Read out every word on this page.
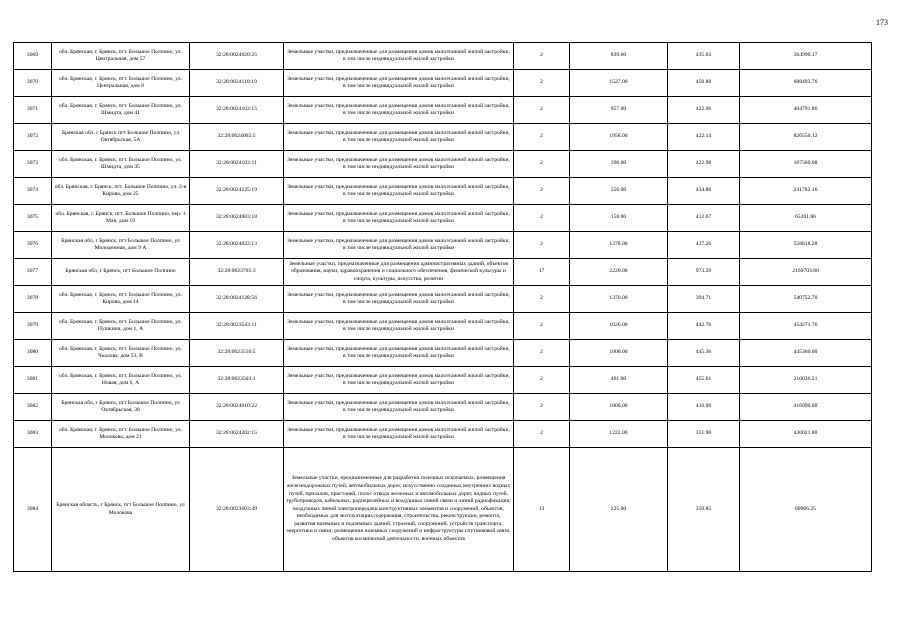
173
3069	обл. Брянская, г. Брянск, пгт. Большое Полпино, ул. Центральная, дом 57	32:28:0024020:25	Земельные участки, предназначенные для размещения домов малоэтажной жилой застройки, в том числе индивидуальной жилой застройки	2	839.00	435.03	364990.17
3070	обл. Брянская, г. Брянск, пгт. Большое Полпино, ул. Центральная, дом 8	32:28:0024118:19	Земельные участки, предназначенные для размещения домов малоэтажной жилой застройки, в том числе индивидуальной жилой застройки	2	1527.00	450.88	688493.76
3071	обл. Брянская, г. Брянск, пгт. Большое Полпино, ул. Шмидта, дом 41	32:28:0024102:15	Земельные участки, предназначенные для размещения домов малоэтажной жилой застройки, в том числе индивидуальной жилой застройки	2	957.00	422.96	404791.86
3072	Брянская обл. г Брянск пгт Большое Полпино, ул Октябрьская, 5А	32:28:0024002:5	Земельные участки, предназначенные для размещения домов малоэтажной жилой застройки, в том числе индивидуальной жилой застройки	2	1958.00	422.14	826550.12
3073	обл. Брянская, г. Брянск, пгт. Большое Полпино, ул. Шмидта, дом 35	32:28:0024102:11	Земельные участки, предназначенные для размещения домов малоэтажной жилой застройки, в том числе индивидуальной жилой застройки	2	396.00	422.98	167500.08
3074	обл. Брянская, г. Брянск, пгт. Большое Полпино, ул. 2-я Кирова, дом 25	32:28:0024125:19	Земельные участки, предназначенные для размещения домов малоэтажной жилой застройки, в том числе индивидуальной жилой застройки	2	556.00	434.86	241782.16
3075	обл. Брянская, г. Брянск, пгт. Большое Полпино, пер. 1 Мая, дом 19	32:28:0024003:18	Земельные участки, предназначенные для размещения домов малоэтажной жилой застройки, в том числе индивидуальной жилой застройки	2	158.00	412.67	65201.86
3076	Брянская обл, г Брянск, пгт Большое Полпино, ул Молодежная, дом 9 А	32:28:0024022:13	Земельные участки, предназначенные для размещения домов малоэтажной жилой застройки, в том числе индивидуальной жилой застройки	2	1278.00	437.26	558818.28
3077	Брянская обл, г Брянск, пгт Большое Полпино	32:28:0023705:3	Земельные участки, предназначенные для размещения административных зданий, объектов образования, науки, здравоохранения и социального обеспечения, физической культуры и спорта, культуры, искусства, религии	17	2220.00	973.29	2160703.80
3078	обл. Брянская, г. Брянск, пгт. Большое Полпино, ул. Кирова, дом 14	32:28:0024128:56	Земельные участки, предназначенные для размещения домов малоэтажной жилой застройки, в том числе индивидуальной жилой застройки	2	1370.00	394.71	540752.70
3079	обл. Брянская, г. Брянск, пгт. Большое Полпино, ул. Пушкина, дом 1, А	32:28:0023543:11	Земельные участки, предназначенные для размещения домов малоэтажной жилой застройки, в том числе индивидуальной жилой застройки	2	1026.00	442.76	454271.76
3080	обл. Брянская, г. Брянск, пгт. Большое Полпино, ул. Чкалова, дом 53, В	32:28:0023516:5	Земельные участки, предназначенные для размещения домов малоэтажной жилой застройки, в том числе индивидуальной жилой застройки	2	1000.00	445.36	445360.00
3081	обл. Брянская, г. Брянск, пгт. Большое Полпино, ул. Новая, дом 6, А	32:28:0023503:1	Земельные участки, предназначенные для размещения домов малоэтажной жилой застройки, в том числе индивидуальной жилой застройки	2	461.00	455.61	210036.21
3082	Брянская обл, г Брянск, пгт Большое Полпино, ул Октябрьская, 30	32:28:0024010:22	Земельные участки, предназначенные для размещения домов малоэтажной жилой застройки, в том числе индивидуальной жилой застройки	2	1000.00	416.09	416090.00
3083	обл. Брянская, г. Брянск, пгт. Большое Полпино, ул. Молокова, дом 21	32:28:0024202:15	Земельные участки, предназначенные для размещения домов малоэтажной жилой застройки, в том числе индивидуальной жилой застройки	2	1222.00	351.90	430021.80
3084	Брянская область, г Брянск, пгт Большое Полпино, ул Молокова	32:28:0023603:49	Земельные участки, предназначенные для разработки полезных ископаемых, размещения железнодорожных путей, автомобильных дорог, искусственно созданных внутренних водных путей, причалов, пристаней, полос отвода железных и автомобильных дорог, водных путей, трубопроводов, кабельных, радиорелейных и воздушных линий связи и линий радиофикации, воздушных линий электропередачи конструктивных элементов и сооружений, объектов, необходимых для эксплуатации,содержания, строительства, реконструкции, ремонта, развития наземных и подземных зданий, строений, сооружений, устройств транспорта, энергетики и связи; размещения наземных сооружений и инфраструктуры спутниковой связи, объектов космической деятельности, военных объектов	13	225.00	359.85	80966.25
